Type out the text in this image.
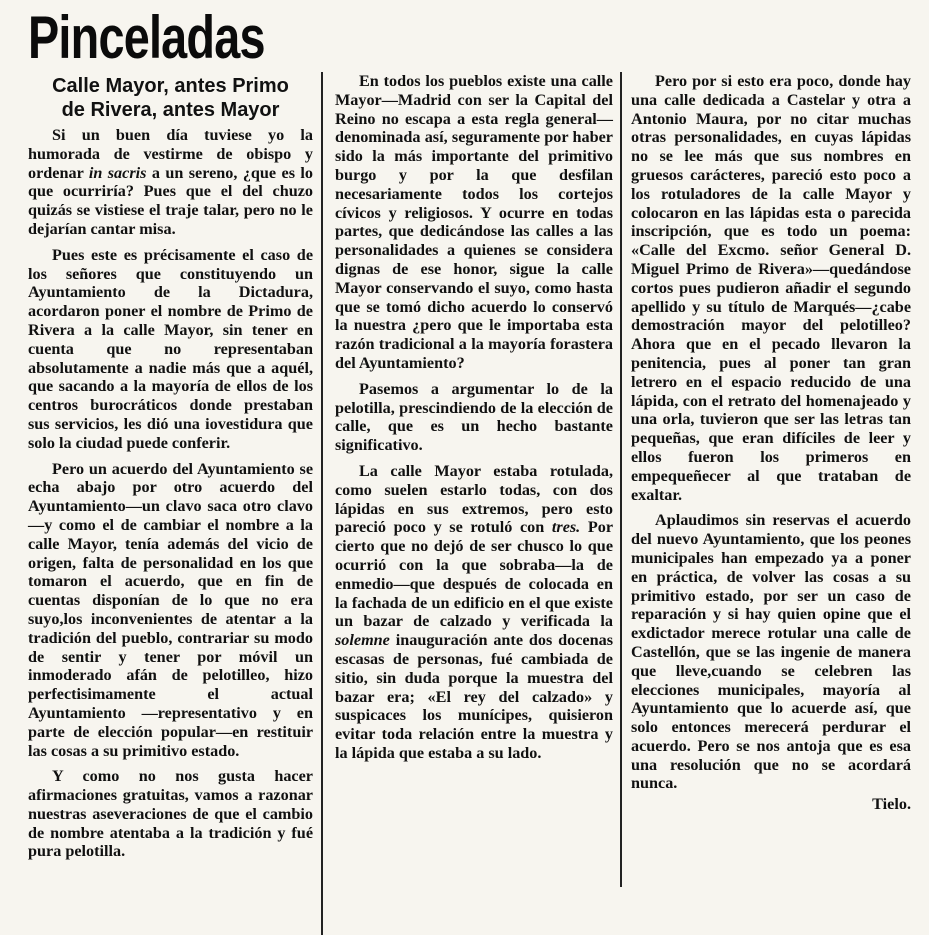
Pinceladas
Calle Mayor, antes Primo
de Rivera, antes Mayor

Si un buen día tuviese yo la humorada de vestirme de obispo y ordenar in sacris a un sereno, ¿que es lo que ocurriría? Pues que el del chuzo quizás se vistiese el traje talar, pero no le dejarían cantar misa.

Pues este es précisamente el caso de los señores que constituyendo un Ayuntamiento de la Dictadura, acordaron poner el nombre de Primo de Rivera a la calle Mayor, sin tener en cuenta que no representaban absolutamente a nadie más que a aquél, que sacando a la mayoría de ellos de los centros burocráticos donde prestaban sus servicios, les dió una iovestidura que solo la ciudad puede conferir.

Pero un acuerdo del Ayuntamiento se echa abajo por otro acuerdo del Ayuntamiento—un clavo saca otro clavo—y como el de cambiar el nombre a la calle Mayor, tenía además del vicio de origen, falta de personalidad en los que tomaron el acuerdo, que en fin de cuentas disponían de lo que no era suyo,los inconvenientes de atentar a la tradición del pueblo, contrariar su modo de sentir y tener por móvil un inmoderado afán de pelotilleo, hizo perfectisimamente el actual Ayuntamiento —representativo y en parte de elección popular—en restituir las cosas a su primitivo estado.

Y como no nos gusta hacer afirmaciones gratuitas, vamos a razonar nuestras aseveraciones de que el cambio de nombre atentaba a la tradición y fué pura pelotilla.

En todos los pueblos existe una calle Mayor—Madrid con ser la Capital del Reino no escapa a esta regla general—denominada así, seguramente por haber sido la más importante del primitivo burgo y por la que desfilan necesariamente todos los cortejos cívicos y religiosos. Y ocurre en todas partes, que dedicándose las calles a las personalidades a quienes se considera dignas de ese honor, sigue la calle Mayor conservando el suyo, como hasta que se tomó dicho acuerdo lo conservó la nuestra ¿pero que le importaba esta razón tradicional a la mayoría forastera del Ayuntamiento?

Pasemos a argumentar lo de la pelotilla, prescindiendo de la elección de calle, que es un hecho bastante significativo.

La calle Mayor estaba rotulada, como suelen estarlo todas, con dos lápidas en sus extremos, pero esto pareció poco y se rotuló con tres. Por cierto que no dejó de ser chusco lo que ocurrió con la que sobraba—la de enmedio—que después de colocada en la fachada de un edificio en el que existe un bazar de calzado y verificada la solemne inauguración ante dos docenas escasas de personas, fué cambiada de sitio, sin duda porque la muestra del bazar era; «El rey del calzado» y suspicaces los munícipes, quisieron evitar toda relación entre la muestra y la lápida que estaba a su lado.

Pero por si esto era poco, donde hay una calle dedicada a Castelar y otra a Antonio Maura, por no citar muchas otras personalidades, en cuyas lápidas no se lee más que sus nombres en gruesos carácteres, pareció esto poco a los rotuladores de la calle Mayor y colocaron en las lápidas esta o parecida inscripción, que es todo un poema: «Calle del Excmo. señor General D. Miguel Primo de Rivera»—quedándose cortos pues pudieron añadir el segundo apellido y su título de Marqués—¿cabe demostración mayor del pelotilleo? Ahora que en el pecado llevaron la penitencia, pues al poner tan gran letrero en el espacio reducido de una lápida, con el retrato del homenajeado y una orla, tuvieron que ser las letras tan pequeñas, que eran difíciles de leer y ellos fueron los primeros en empequeñecer al que trataban de exaltar.

Aplaudimos sin reservas el acuerdo del nuevo Ayuntamiento, que los peones municipales han empezado ya a poner en práctica, de volver las cosas a su primitivo estado, por ser un caso de reparación y si hay quien opine que el exdictador merece rotular una calle de Castellón, que se las ingenie de manera que lleve,cuando se celebren las elecciones municipales, mayoría al Ayuntamiento que lo acuerde así, que solo entonces merecerá perdurar el acuerdo. Pero se nos antoja que es esa una resolución que no se acordará nunca.

Tielo.
